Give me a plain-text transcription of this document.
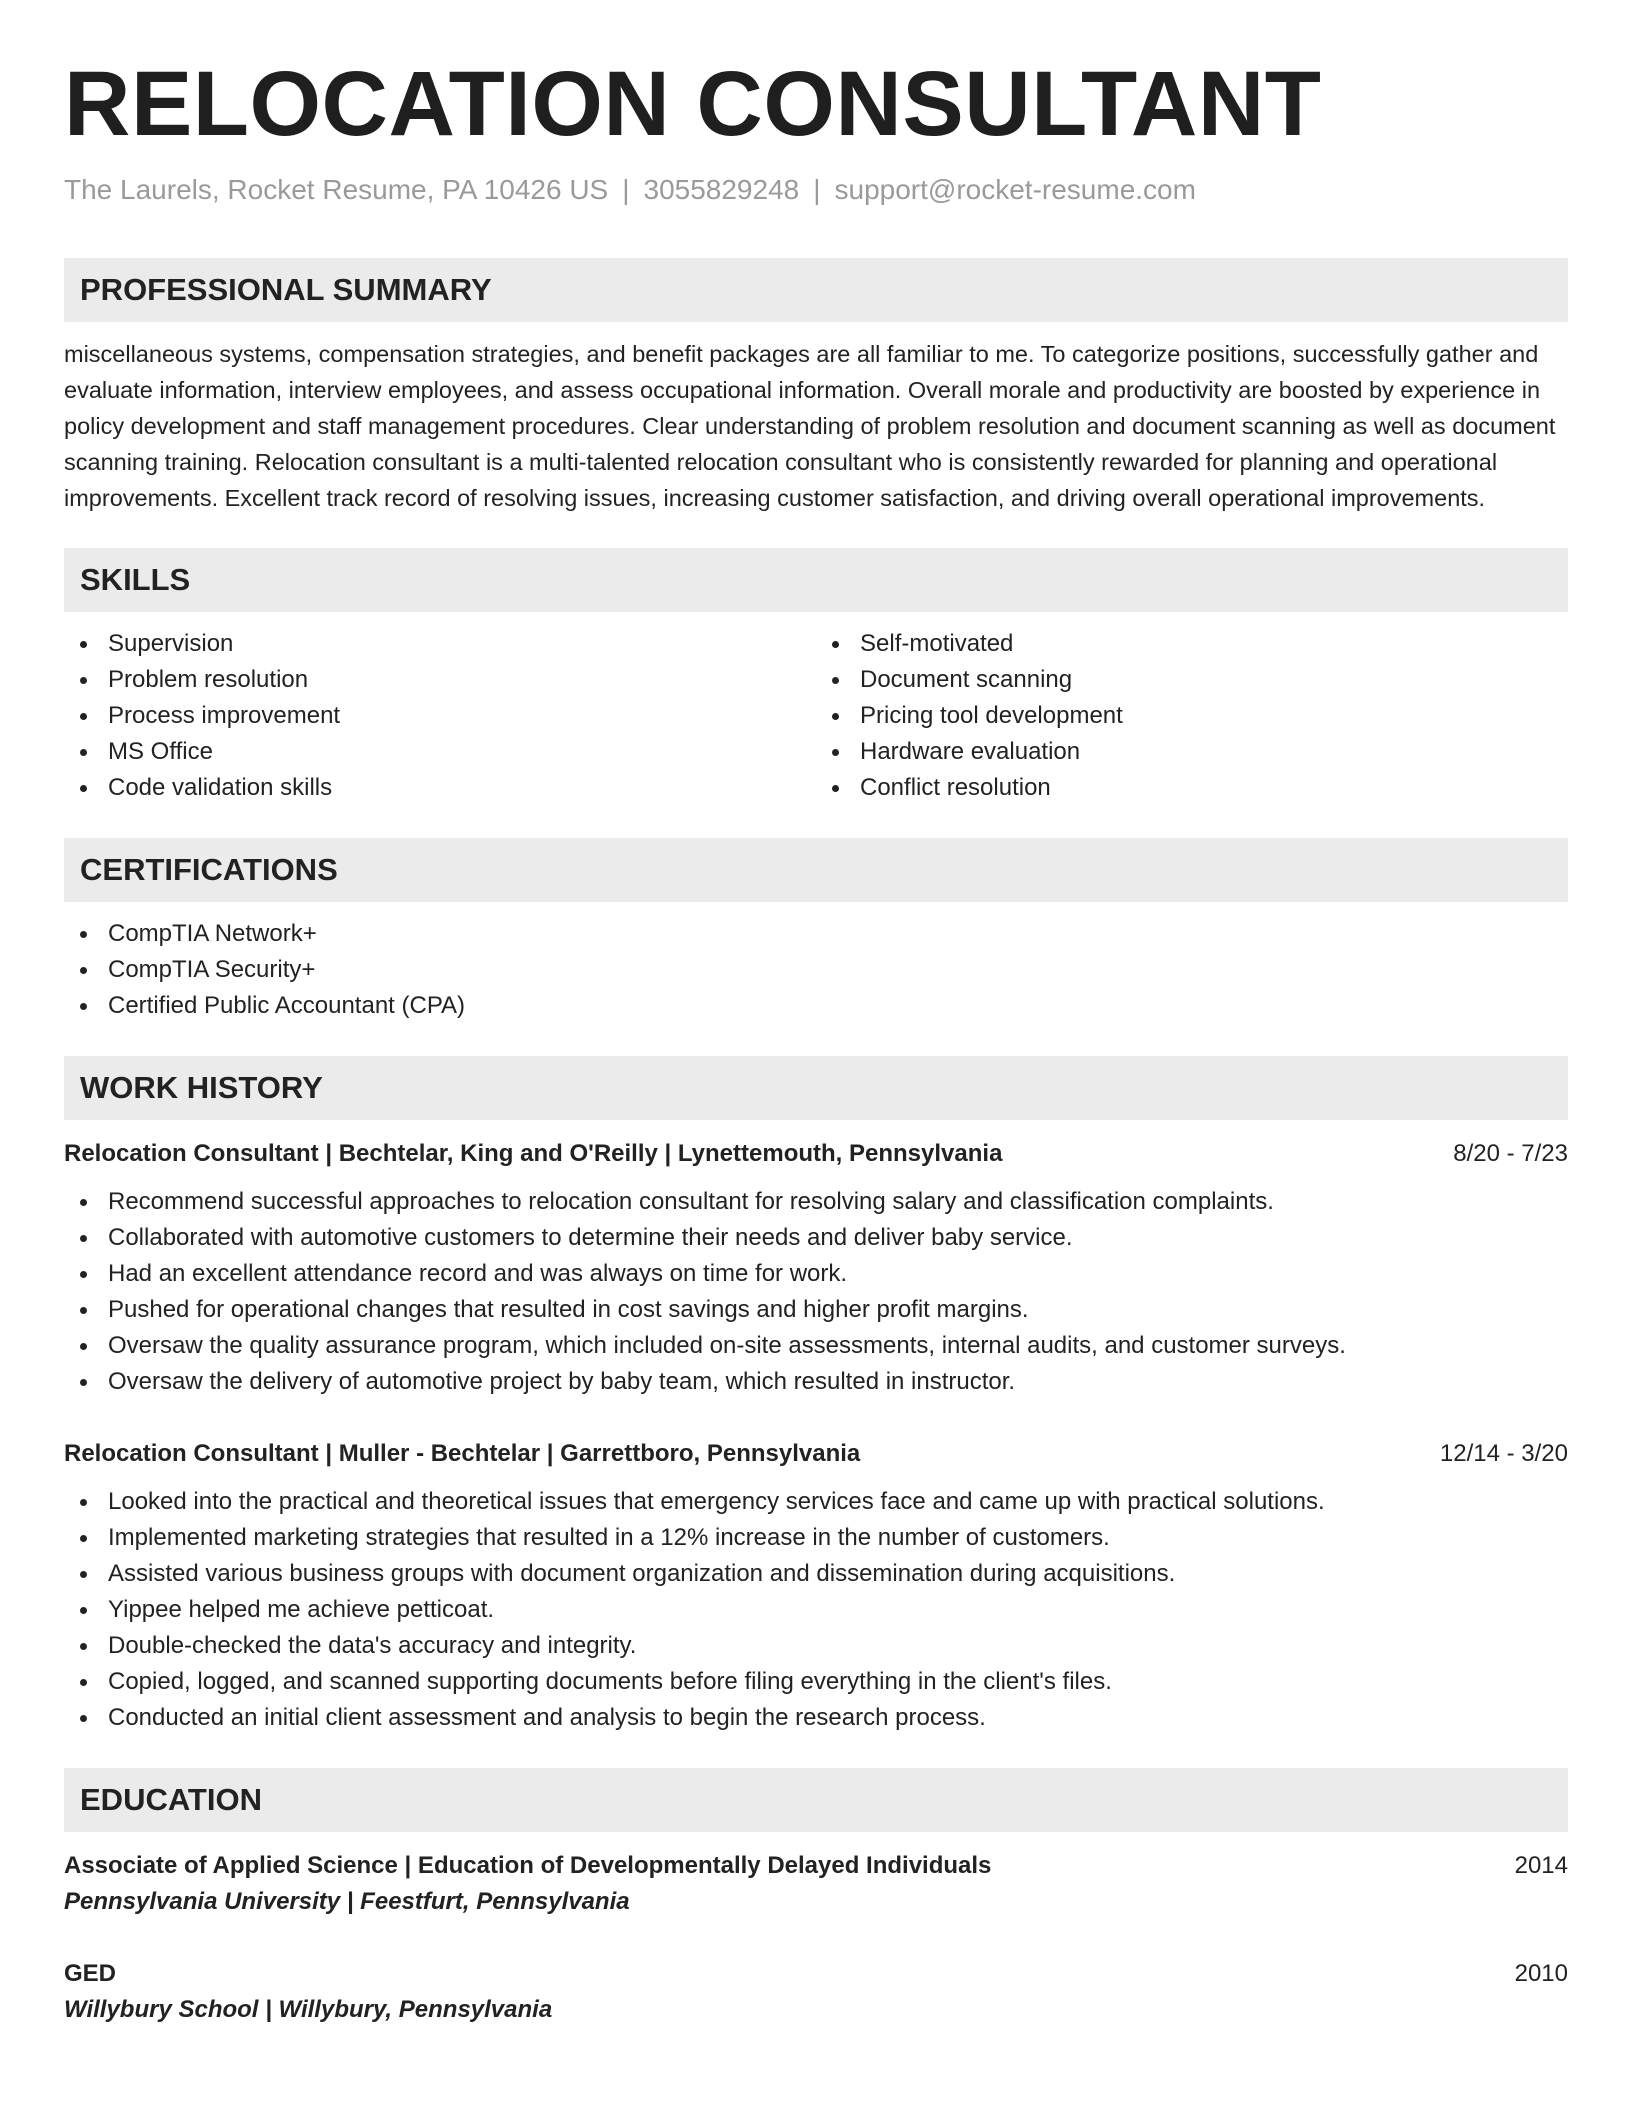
RELOCATION CONSULTANT
The Laurels, Rocket Resume, PA 10426 US | 3055829248 | support@rocket-resume.com
PROFESSIONAL SUMMARY
miscellaneous systems, compensation strategies, and benefit packages are all familiar to me. To categorize positions, successfully gather and evaluate information, interview employees, and assess occupational information. Overall morale and productivity are boosted by experience in policy development and staff management procedures. Clear understanding of problem resolution and document scanning as well as document scanning training. Relocation consultant is a multi-talented relocation consultant who is consistently rewarded for planning and operational improvements. Excellent track record of resolving issues, increasing customer satisfaction, and driving overall operational improvements.
SKILLS
Supervision
Problem resolution
Process improvement
MS Office
Code validation skills
Self-motivated
Document scanning
Pricing tool development
Hardware evaluation
Conflict resolution
CERTIFICATIONS
CompTIA Network+
CompTIA Security+
Certified Public Accountant (CPA)
WORK HISTORY
Relocation Consultant | Bechtelar, King and O'Reilly | Lynettemouth, Pennsylvania	8/20 - 7/23
Recommend successful approaches to relocation consultant for resolving salary and classification complaints.
Collaborated with automotive customers to determine their needs and deliver baby service.
Had an excellent attendance record and was always on time for work.
Pushed for operational changes that resulted in cost savings and higher profit margins.
Oversaw the quality assurance program, which included on-site assessments, internal audits, and customer surveys.
Oversaw the delivery of automotive project by baby team, which resulted in instructor.
Relocation Consultant | Muller - Bechtelar | Garrettboro, Pennsylvania	12/14 - 3/20
Looked into the practical and theoretical issues that emergency services face and came up with practical solutions.
Implemented marketing strategies that resulted in a 12% increase in the number of customers.
Assisted various business groups with document organization and dissemination during acquisitions.
Yippee helped me achieve petticoat.
Double-checked the data's accuracy and integrity.
Copied, logged, and scanned supporting documents before filing everything in the client's files.
Conducted an initial client assessment and analysis to begin the research process.
EDUCATION
Associate of Applied Science | Education of Developmentally Delayed Individuals	2014
Pennsylvania University | Feestfurt, Pennsylvania
GED	2010
Willybury School | Willybury, Pennsylvania
